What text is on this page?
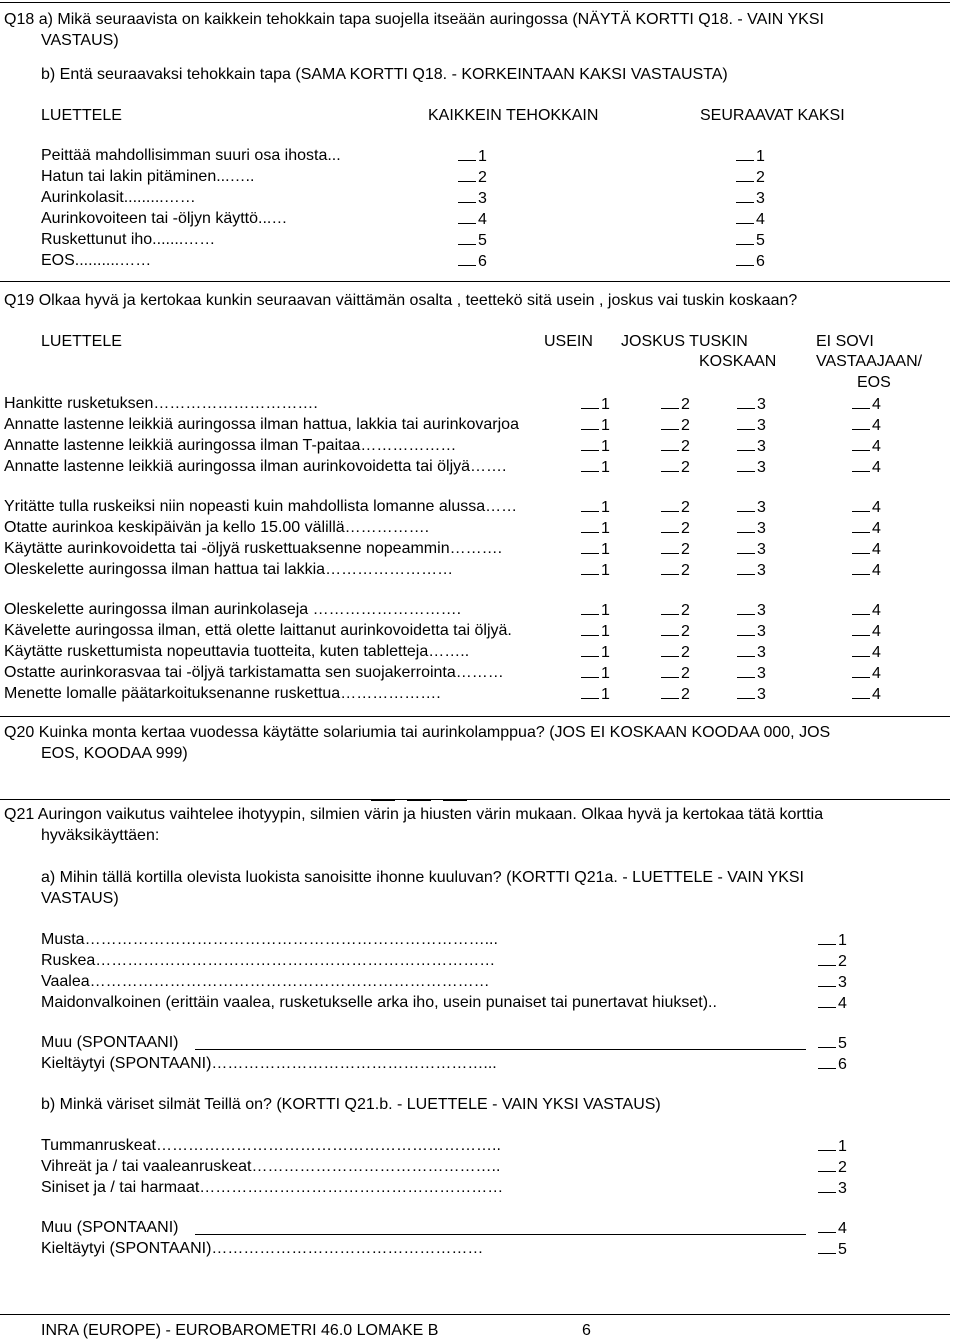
Q18 a) Mikä seuraavista on kaikkein tehokkain tapa suojella itseään auringossa (NÄYTÄ KORTTI Q18. - VAIN YKSI
VASTAUS)
b) Entä seuraavaksi tehokkain tapa (SAMA KORTTI Q18. - KORKEINTAAN KAKSI VASTAUSTA)
LUETTELE	KAIKKEIN TEHOKKAIN	SEURAAVAT KAKSI
Peittää mahdollisimman suuri osa ihosta...	1	1
Hatun tai lakin pitäminen...…..	2	2
Aurinkolasit.........……	3	3
Aurinkovoiteen tai -öljyn käyttö...…	4	4
Ruskettunut iho.......……	5	5
EOS..........……	6	6
Q19 Olkaa hyvä ja kertokaa kunkin seuraavan väittämän osalta , teettekö sitä usein , joskus vai tuskin koskaan?
LUETTELE	USEIN JOSKUS TUSKIN
KOSKAAN
EI SOVI
VASTAAJAAN/
EOS
Hankitte rusketuksen………………………….	1	2	3	4
Annatte lastenne leikkiä auringossa ilman hattua, lakkia tai aurinkovarjoa	1	2	3	4
Annatte lastenne leikkiä auringossa ilman T-paitaa………………	1	2	3	4
Annatte lastenne leikkiä auringossa ilman aurinkovoidetta tai öljyä…….	1	2	3	4
Yritätte tulla ruskeiksi niin nopeasti kuin mahdollista lomanne alussa……	1	2	3	4
Otatte aurinkoa keskipäivän ja kello 15.00 välillä…………….	1	2	3	4
Käytätte aurinkovoidetta tai -öljyä ruskettuaksenne nopeammin……….	1	2	3	4
Oleskelette auringossa ilman hattua tai lakkia……………………	1	2	3	4
Oleskelette auringossa ilman aurinkolaseja ……………………….	1	2	3	4
Kävelette auringossa ilman, että olette laittanut aurinkovoidetta tai öljyä.	1	2	3	4
Käytätte ruskettumista nopeuttavia tuotteita, kuten tabletteja……..	1	2	3	4
Ostatte aurinkorasvaa tai -öljyä tarkistamatta sen suojakerrointa………	1	2	3	4
Menette lomalle päätarkoituksenanne ruskettua……………….	1	2	3	4
Q20 Kuinka monta kertaa vuodessa käytätte solariumia tai aurinkolamppua? (JOS EI KOSKAAN KOODAA 000, JOS
EOS, KOODAA 999)

Q21 Auringon vaikutus vaihtelee ihotyypin, silmien värin ja hiusten värin mukaan. Olkaa hyvä ja kertokaa tätä korttia
hyväksikäyttäen:
a) Mihin tällä kortilla olevista luokista sanoisitte ihonne kuuluvan? (KORTTI Q21a. - LUETTELE - VAIN YKSI
VASTAUS)
Musta…………………………………………………………………...	1
Ruskea…………………………………………………………………	2
Vaalea…………………………………………………………………	3
Maidonvalkoinen (erittäin vaalea, rusketukselle arka iho, usein punaiset tai punertavat hiukset)..	4
Muu (SPONTAANI)	5
Kieltäytyi (SPONTAANI)……………………………………………...	6
b) Minkä väriset silmät Teillä on? (KORTTI Q21.b. - LUETTELE - VAIN YKSI VASTAUS)
Tummanruskeat………………………………………………………..	1
Vihreät ja / tai vaaleanruskeat………………………………………..	2
Siniset ja / tai harmaat…………………………………………………	3
Muu (SPONTAANI)	4
Kieltäytyi (SPONTAANI)……………………………………………	5
INRA (EUROPE) - EUROBAROMETRI 46.0 LOMAKE B	6
